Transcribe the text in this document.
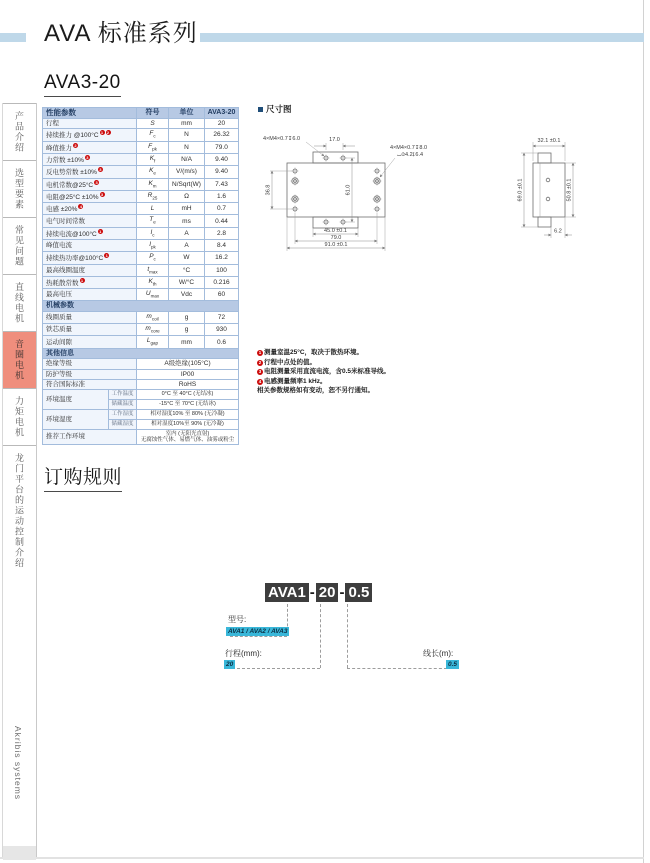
AVA 标准系列
产品介绍
选型要素
常见问题
直线电机
音圈电机
力矩电机
龙门平台的运动控制介绍
Akribis systems
AVA3-20
性能参数		符号	单位	AVA3-20
行程		S	mm	20
持续推力 @100°C 1 2		$F_c$	N	26.32
峰值推力 2		$F_{pk}$	N	79.0
力常数 ±10% 3		$K_f$	N/A	9.40
反电势常数 ±10% 3		$K_e$	V/(m/s)	9.40
电机常数@25°C 3		$K_m$	N/Sqrt(W)	7.43
电阻@25°C ±10% 3		$R_{25}$	Ω	1.6
电感 ±20% 4		L	mH	0.7
电气时间常数		$T_e$	ms	0.44
持续电流@100°C 1		$I_c$	A	2.8
峰值电流		$I_{pk}$	A	8.4
持续热功率@100°C 1		$P_c$	W	16.2
最高线圈温度		$t_{max}$	°C	100
热耗散常数 1		$K_{th}$	W/°C	0.216
最高电压		$U_{max}$	Vdc	60
机械参数				
线圈质量		$m_{coil}$	g	72
铁芯质量		$m_{core}$	g	930
运动间隙		$L_{gap}$	mm	0.6
其他信息				
绝缘等级		A级绝缘(105°C)		
防护等级		IP00		
符合国际标准		RoHS		
环境温度	工作温度	0°C 至 40°C (无结冰)		
	储藏温度	-15°C 至 70°C (无结冰)		
环境湿度	工作湿度	相对湿度10% 至 80% (无冷凝)		
	储藏湿度	相对湿度10%至 90% (无冷凝)		
推荐工作环境		室内 (无阳光直射)
无腐蚀性气体、易燃气体、油雾或粉尘		
尺寸图
17.0
4×M4×0.7↧6.0
4×M4×0.7↧8.0
⌴⌀4.2↧6.4
61.0
36.8
45.0 ±0.1
79.0
91.0 ±0.1
32.1 ±0.1
69.0 ±0.1	50.8 ±0.1
6.2
1 测量室温25°C，取决于散热环境。
2 行程中点处的值。
3 电阻测量采用直流电流，含0.5米标准导线。
4 电感测量频率1 kHz。
相关参数规格如有变动，恕不另行通知。
订购规则
AVA1 - 20 - 0.5
型号:
AVA1 / AVA2 / AVA3
行程(mm):
20
线长(m):
0.5
